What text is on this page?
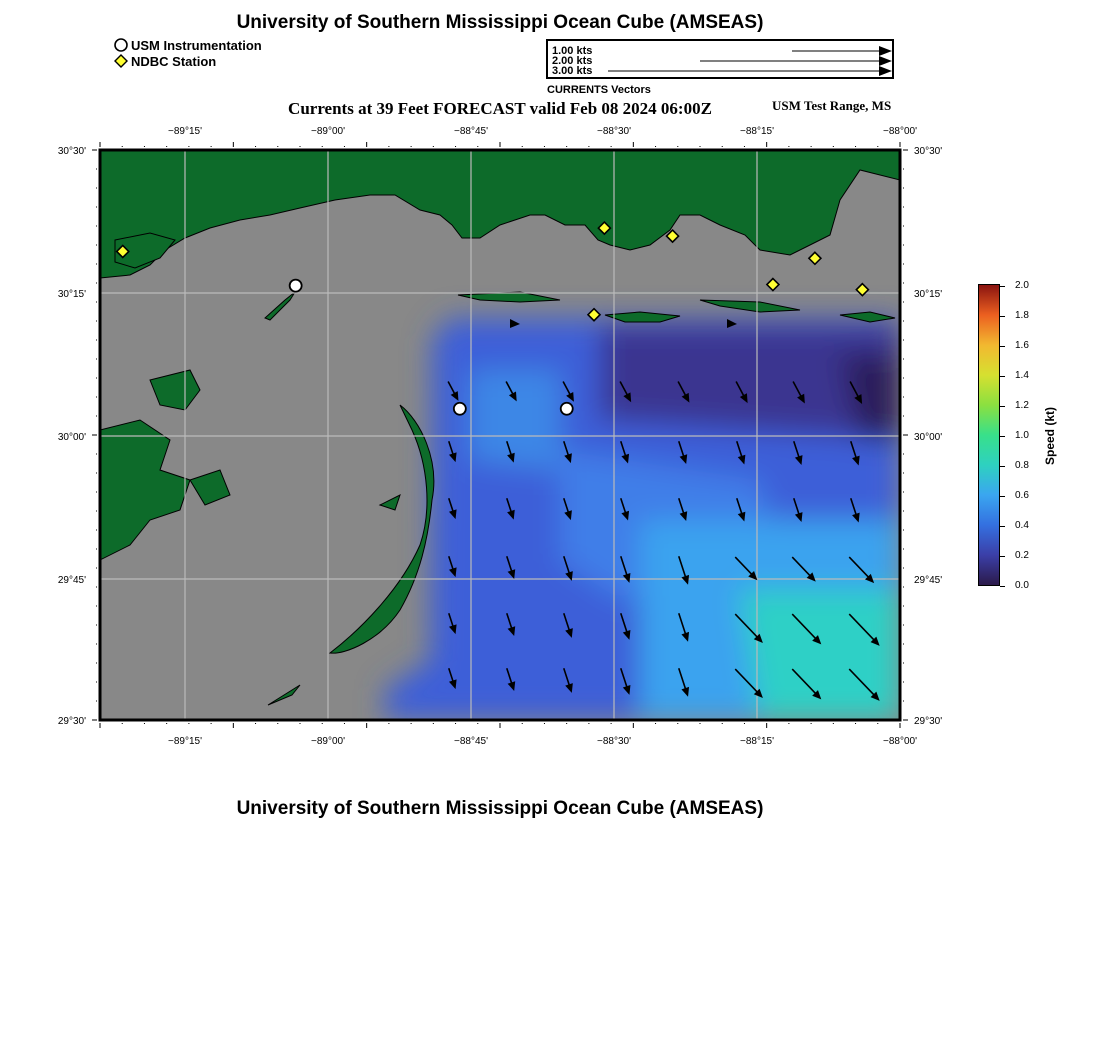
University of Southern Mississippi Ocean Cube (AMSEAS)
USM Instrumentation
NDBC Station
1.00 kts
2.00 kts
3.00 kts
CURRENTS Vectors
Currents at 39 Feet FORECAST valid Feb 08 2024 06:00Z	USM Test Range, MS
−89°15'	−89°00'	−88°45'	−88°30'	−88°15'	−88°00'
−89°15'	−89°00'	−88°45'	−88°30'	−88°15'	−88°00'
30°30'
30°15'
30°00'
29°45'
29°30'
30°30'
30°15'
30°00'
29°45'
29°30'
0.0
0.2
0.4
0.6
0.8
1.0
1.2
1.4
1.6
1.8
2.0
Speed (kt)
University of Southern Mississippi Ocean Cube (AMSEAS)
